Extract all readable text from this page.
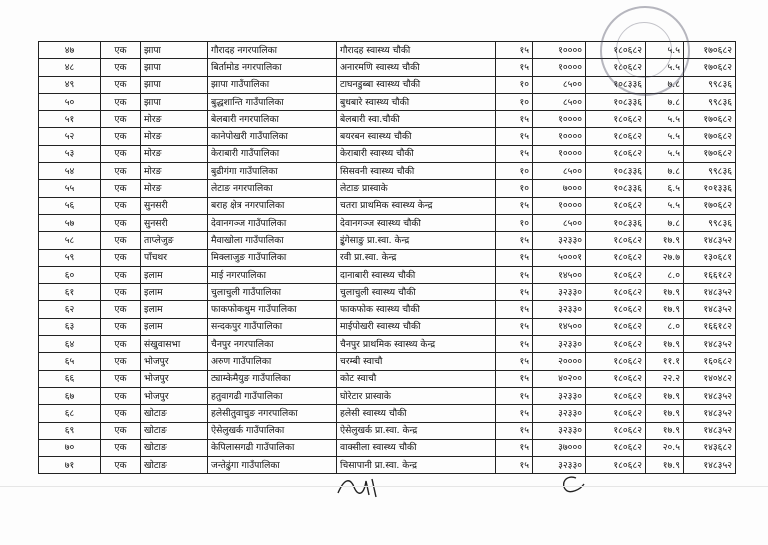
४७	एक	झापा	गौरादह नगरपालिका	गौरादह स्वास्थ्य चौकी	१५	१००००	१८०६८२	५.५	१७०६८२
४८	एक	झापा	बिर्तामोड नगरपालिका	अनारमणि स्वास्थ्य चौकी	१५	१००००	१८०६८२	५.५	१७०६८२
४९	एक	झापा	झापा गाउँपालिका	टाघनडुब्बा स्वास्थ्य चौकी	१०	८५००	१०८३३६	७.८	९९८३६
५०	एक	झापा	बुद्धशान्ति गाउँपालिका	बुधबारे स्वास्थ्य चौकी	१०	८५००	१०८३३६	७.८	९९८३६
५१	एक	मोरङ	बेलबारी नगरपालिका	बेलबारी स्वा.चौकी	१५	१००००	१८०६८२	५.५	१७०६८२
५२	एक	मोरङ	कानेपोखरी गाउँपालिका	बयरबन स्वास्थ्य चौकी	१५	१००००	१८०६८२	५.५	१७०६८२
५३	एक	मोरङ	केराबारी गाउँपालिका	केराबारी स्वास्थ्य चौकी	१५	१००००	१८०६८२	५.५	१७०६८२
५४	एक	मोरङ	बुढीगंगा गाउँपालिका	सिसवनी स्वास्थ्य चौकी	१०	८५००	१०८३३६	७.८	९९८३६
५५	एक	मोरङ	लेटाङ नगरपालिका	लेटाङ प्रास्वाके	१०	७०००	१०८३३६	६.५	१०१३३६
५६	एक	सुनसरी	बराह क्षेत्र नगरपालिका	चतरा प्राथमिक स्वास्थ्य केन्द्र	१५	१००००	१८०६८२	५.५	१७०६८२
५७	एक	सुनसरी	देवानगञ्ज गाउँपालिका	देवानगञ्ज स्वास्थ्य चौकी	१०	८५००	१०८३३६	७.८	९९८३६
५८	एक	ताप्लेजुङ	मैवाखोला गाउँपालिका	इुंगेसाङु प्रा.स्वा. केन्द्र	१५	३२३३०	१८०६८२	१७.९	१४८३५२
५९	एक	पाँचथर	मिक्लाजुङ गाउँपालिका	रवी प्रा.स्वा. केन्द्र	१५	५०००१	१८०६८२	२७.७	१३०६८१
६०	एक	इलाम	माई नगरपालिका	दानाबारी स्वास्थ्य चौकी	१५	१४५००	१८०६८२	८.०	१६६१८२
६१	एक	इलाम	चुलाचुली गाउँपालिका	चुलाचुली स्वास्थ्य चौकी	१५	३२३३०	१८०६८२	१७.९	१४८३५२
६२	एक	इलाम	फाकफोकथुम गाउँपालिका	फाकफोक स्वास्थ्य चौकी	१५	३२३३०	१८०६८२	१७.९	१४८३५२
६३	एक	इलाम	सन्दकपुर गाउँपालिका	माईपोखरी स्वास्थ्य चौकी	१५	१४५००	१८०६८२	८.०	१६६१८२
६४	एक	संखुवासभा	चैनपुर नगरपालिका	चैनपुर प्राथमिक स्वास्थ्य केन्द्र	१५	३२३३०	१८०६८२	१७.९	१४८३५२
६५	एक	भोजपुर	अरुण गाउँपालिका	चरम्बी स्वाचौ	१५	२००००	१८०६८२	११.१	१६०६८२
६६	एक	भोजपुर	ट्याम्केमैयुङ गाउँपालिका	कोट स्वाचौ	१५	४०२००	१८०६८२	२२.२	१४०४८२
६७	एक	भोजपुर	हतुवागढी गाउँपालिका	घोरेटार प्रास्वाके	१५	३२३३०	१८०६८२	१७.९	१४८३५२
६८	एक	खोटाङ	हलेसीतुवाचुङ नगरपालिका	हलेसी स्वास्थ्य चौकी	१५	३२३३०	१८०६८२	१७.९	१४८३५२
६९	एक	खोटाङ	ऐसेलुखर्क गाउँपालिका	ऐसेलुखर्क प्रा.स्वा. केन्द्र	१५	३२३३०	१८०६८२	१७.९	१४८३५२
७०	एक	खोटाङ	केपिलासगढी गाउँपालिका	वाक्सीला स्वास्थ्य चौकी	१५	३७०००	१८०६८२	२०.५	१४३६८२
७१	एक	खोटाङ	जन्तेढुंगा गाउँपालिका	चिसापानी प्रा.स्वा. केन्द्र	१५	३२३३०	१८०६८२	१७.९	१४८३५२
